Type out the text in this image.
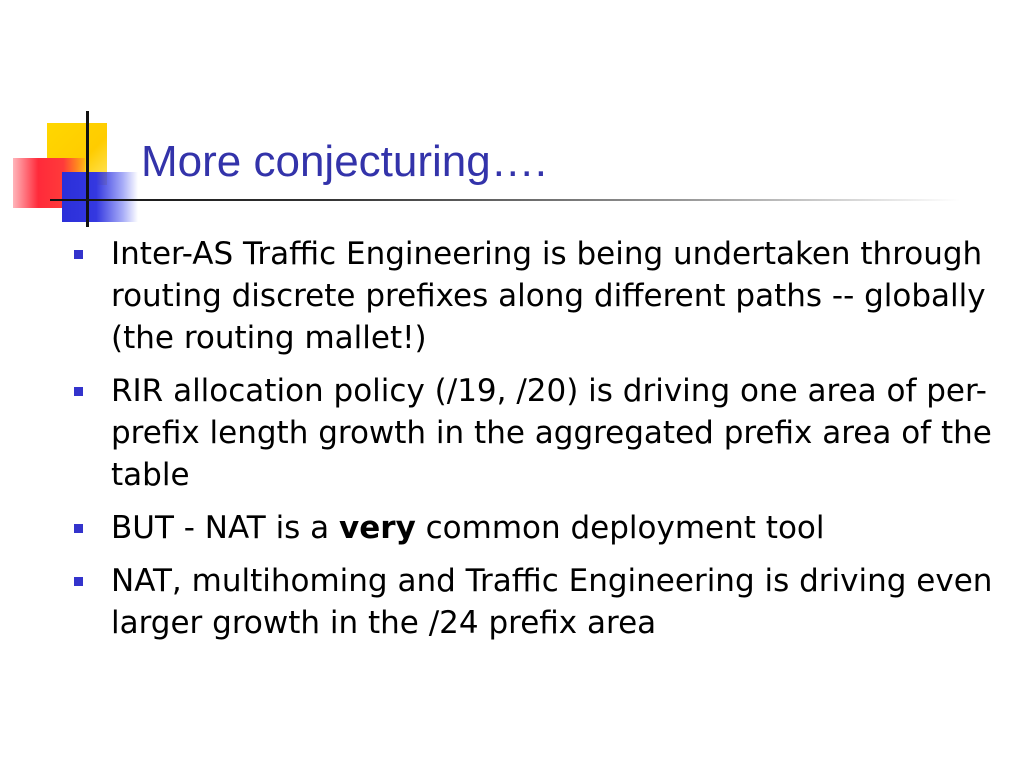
More conjecturing….
Inter-AS Traffic Engineering is being undertaken through routing discrete prefixes along different paths -- globally (the routing mallet!)
RIR allocation policy (/19, /20) is driving one area of per-prefix length growth in the aggregated prefix area of the table
BUT - NAT is a very common deployment tool
NAT, multihoming and Traffic Engineering is driving even larger growth in the /24 prefix area
